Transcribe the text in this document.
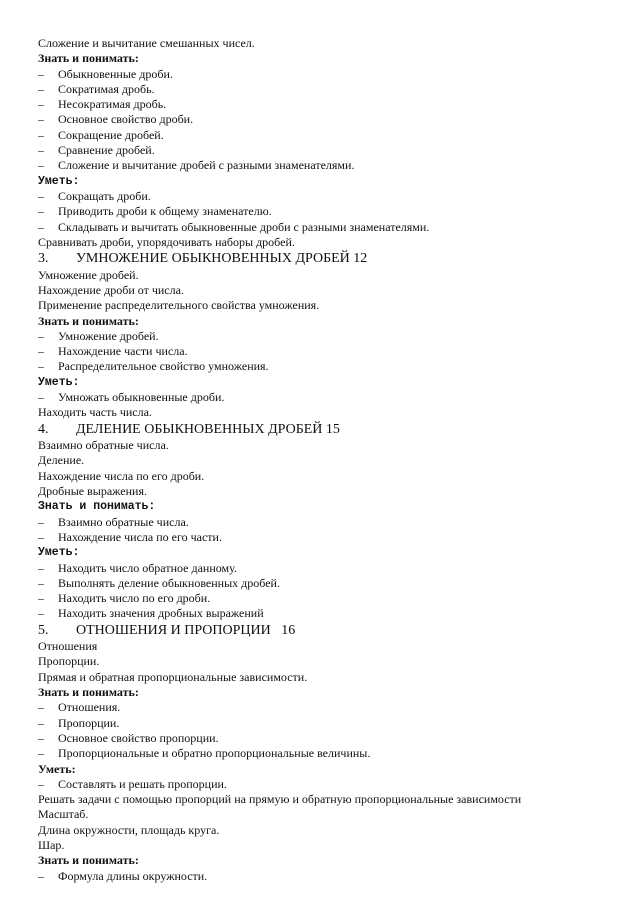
Сложение и вычитание смешанных чисел.
Знать и понимать:
–	Обыкновенные дроби.
–	Сократимая дробь.
–	Несократимая дробь.
–	Основное свойство дроби.
–	Сокращение дробей.
–	Сравнение дробей.
–	Сложение и вычитание дробей с разными знаменателями.
Уметь:
–	Сокращать дроби.
–	Приводить дроби к общему знаменателю.
–	Складывать и вычитать обыкновенные дроби с разными знаменателями.
Сравнивать дроби, упорядочивать наборы дробей.
3. УМНОЖЕНИЕ ОБЫКНОВЕННЫХ ДРОБЕЙ 12
Умножение дробей.
Нахождение дроби от числа.
Применение распределительного свойства умножения.
Знать и понимать:
–	Умножение дробей.
–	Нахождение части числа.
–	Распределительное свойство умножения.
Уметь:
–	Умножать обыкновенные дроби.
Находить часть числа.
4. ДЕЛЕНИЕ ОБЫКНОВЕННЫХ ДРОБЕЙ 15
Взаимно обратные числа.
Деление.
Нахождение числа по его дроби.
Дробные выражения.
Знать и понимать:
–	Взаимно обратные числа.
–	Нахождение числа по его части.
Уметь:
–	Находить число обратное данному.
–	Выполнять деление обыкновенных дробей.
–	Находить число по его дроби.
–	Находить значения дробных выражений
5. ОТНОШЕНИЯ И ПРОПОРЦИИ   16
Отношения
Пропорции.
Прямая и обратная пропорциональные зависимости.
Знать и понимать:
–	Отношения.
–	Пропорции.
–	Основное свойство пропорции.
–	Пропорциональные и обратно пропорциональные величины.
Уметь:
–	Составлять и решать пропорции.
Решать задачи с помощью пропорций на прямую и обратную пропорциональные зависимости
Масштаб.
Длина окружности, площадь круга.
Шар.
Знать и понимать:
–	Формула длины окружности.
